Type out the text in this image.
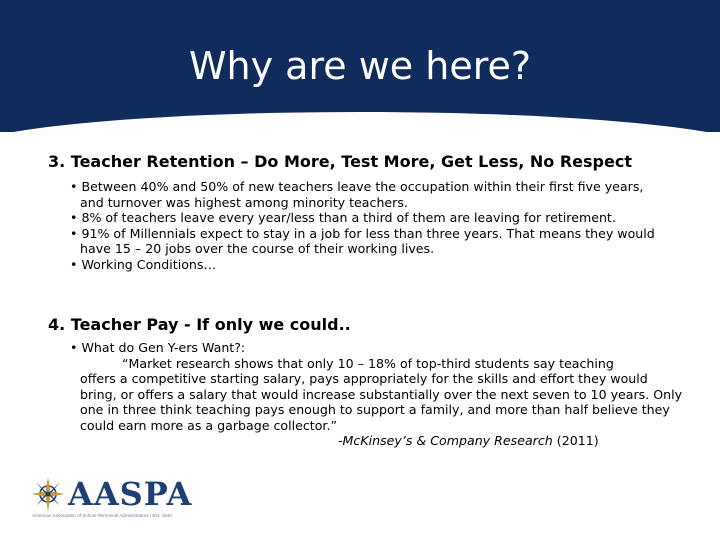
Why are we here?
3. Teacher Retention – Do More, Test More, Get Less, No Respect
• Between 40% and 50% of new teachers leave the occupation within their first five years, and turnover was highest among minority teachers.
• 8% of teachers leave every year/less than a third of them are leaving for retirement.
• 91% of Millennials expect to stay in a job for less than three years. That means they would have 15 – 20 jobs over the course of their working lives.
• Working Conditions…
4. Teacher Pay - If only we could..
• What do Gen Y-ers Want?:
“Market research shows that only 10 – 18% of top-third students say teaching
offers a competitive starting salary, pays appropriately for the skills and effort they would bring, or offers a salary that would increase substantially over the next seven to 10 years. Only one in three think teaching pays enough to support a family, and more than half believe they could earn more as a garbage collector.”
-McKinsey’s & Company Research (2011)
AASPA
American Association of School Personnel Administrators | Est. 1940
